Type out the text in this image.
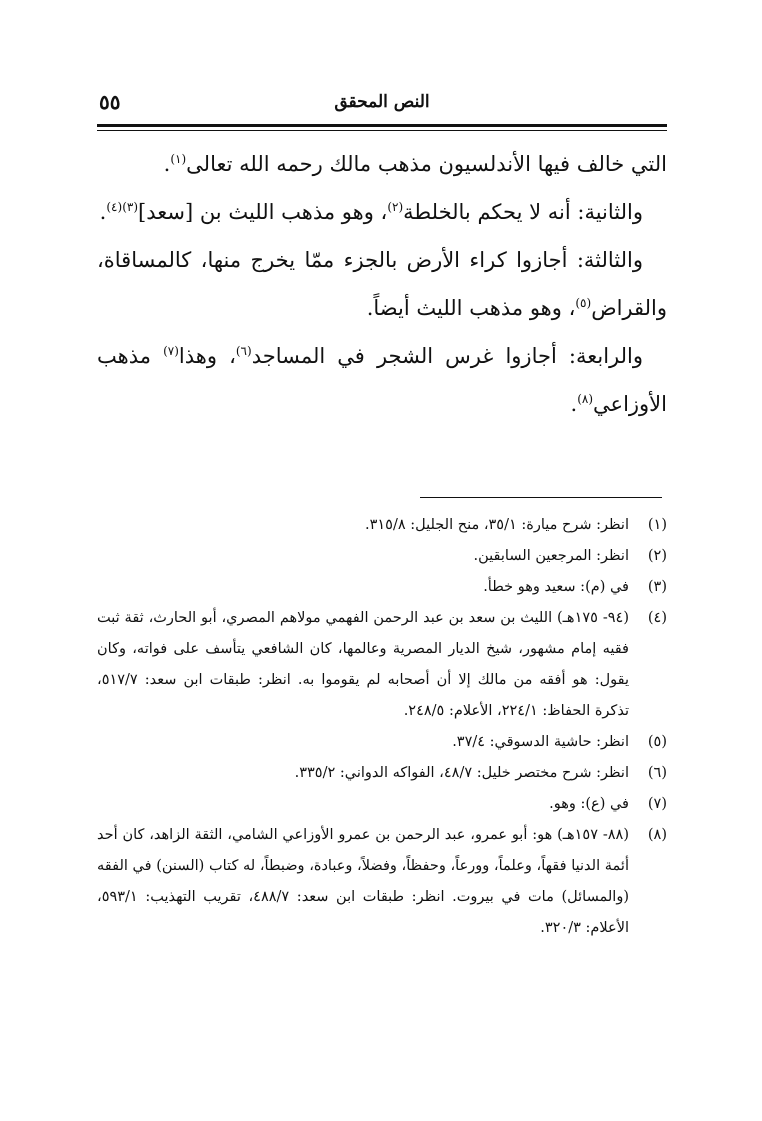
٥٥	النص المحقق

التي خالف فيها الأندلسيون مذهب مالك رحمه الله تعالى$^{(١)}$.

والثانية: أنه لا يحكم بالخلطة$^{(٢)}$، وهو مذهب الليث بن [سعد]$^{(٣)(٤)}$.

والثالثة: أجازوا كراء الأرض بالجزء ممّا يخرج منها، كالمساقاة، والقراض$^{(٥)}$، وهو مذهب الليث أيضاً.

والرابعة: أجازوا غرس الشجر في المساجد$^{(٦)}$، وهذا$^{(٧)}$ مذهب الأوزاعي$^{(٨)}$.

(١)
انظر: شرح ميارة: ٣٥/١، منح الجليل: ٣١٥/٨.
(٢)
انظر: المرجعين السابقين.
(٣)
في (م): سعيد وهو خطأ.
(٤)
(٩٤- ١٧٥هـ) الليث بن سعد بن عبد الرحمن الفهمي مولاهم المصري، أبو الحارث، ثقة ثبت فقيه إمام مشهور، شيخ الديار المصرية وعالمها، كان الشافعي يتأسف على فواته، وكان يقول: هو أفقه من مالك إلا أن أصحابه لم يقوموا به. انظر: طبقات ابن سعد: ٥١٧/٧، تذكرة الحفاظ: ٢٢٤/١، الأعلام: ٢٤٨/٥.
(٥)
انظر: حاشية الدسوقي: ٣٧/٤.
(٦)
انظر: شرح مختصر خليل: ٤٨/٧، الفواكه الدواني: ٣٣٥/٢.
(٧)
في (ع): وهو.
(٨)
(٨٨- ١٥٧هـ) هو: أبو عمرو، عبد الرحمن بن عمرو الأوزاعي الشامي، الثقة الزاهد، كان أحد أئمة الدنيا فقهاً، وعلماً، وورعاً، وحفظاً، وفضلاً، وعبادة، وضبطاً، له كتاب (السنن) في الفقه (والمسائل) مات في بيروت. انظر: طبقات ابن سعد: ٤٨٨/٧، تقريب التهذيب: ٥٩٣/١، الأعلام: ٣٢٠/٣.
